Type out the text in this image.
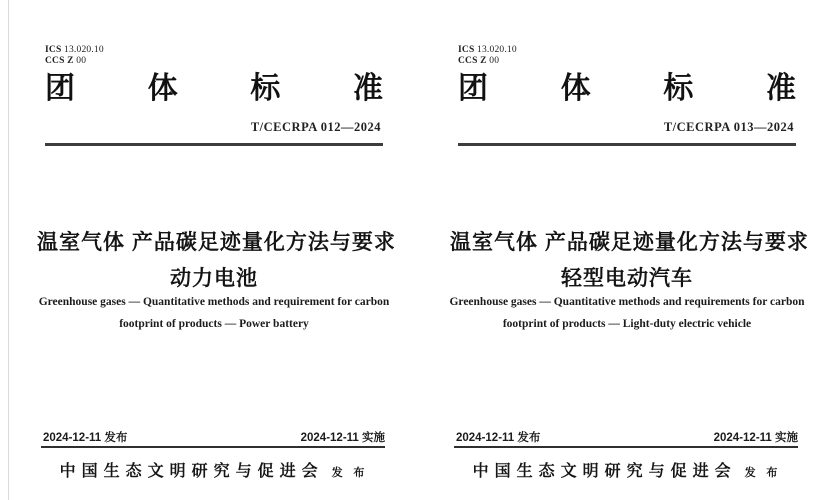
ICS 13.020.10
CCS Z 00
团 体 标 准
T/CECRPA 012—2024
温室气体 产品碳足迹量化方法与要求
动力电池
Greenhouse gases — Quantitative methods and requirement for carbon
footprint of products — Power battery
2024-12-11 发布	2024-12-11 实施
中国生态文明研究与促进会 发 布
ICS 13.020.10
CCS Z 00
团 体 标 准
T/CECRPA 013—2024
温室气体 产品碳足迹量化方法与要求
轻型电动汽车
Greenhouse gases — Quantitative methods and requirements for carbon
footprint of products — Light-duty electric vehicle
2024-12-11 发布	2024-12-11 实施
中国生态文明研究与促进会 发 布
